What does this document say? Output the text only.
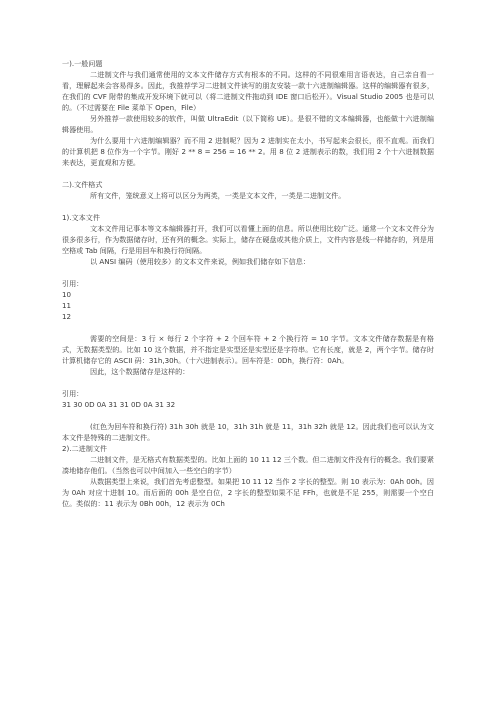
一).一般问题

二进制文件与我们通常使用的文本文件储存方式有根本的不同。这样的不同很难用言语表达，自己亲自看一看，理解起来会容易得多。因此，我推荐学习二进制文件读写的朋友安装一款十六进制编辑器。这样的编辑器有很多，在我们的 CVF 附带的集成开发环境下就可以（将二进制文件拖动到 IDE 窗口后松开）。Visual Studio 2005 也是可以的。（不过需要在 File 菜单下 Open，File）

另外推荐一款使用较多的软件，叫做 UltraEdit（以下简称 UE）。是很不错的文本编辑器，也能做十六进制编辑器使用。

为什么要用十六进制编辑器？而不用 2 进制呢？因为 2 进制实在太小，书写起来会很长，很不直观。而我们的计算机把 8 位作为一个字节。刚好 2 ** 8 = 256 = 16 ** 2。用 8 位 2 进制表示的数，我们用 2 个十六进制数据来表达，更直观和方便。

二).文件格式

所有文件，笼统意义上将可以区分为两类，一类是文本文件，一类是二进制文件。

1).文本文件

文本文件用记事本等文本编辑器打开，我们可以看懂上面的信息。所以使用比较广泛。通常一个文本文件分为很多很多行，作为数据储存时，还有列的概念。实际上，储存在硬盘或其他介质上，文件内容是线一样储存的，列是用空格或 Tab 间隔，行是用回车和换行符间隔。

以 ANSI 编码（使用较多）的文本文件来说，例如我们储存如下信息：

引用：

10

11

12

需要的空间是：3 行 × 每行 2 个字符 + 2 个回车符 + 2 个换行符 = 10 字节。文本文件储存数据是有格式，无数据类型的。比如 10 这个数据，并不指定是实型还是实型还是字符串。它有长度，就是 2，两个字节。储存时计算机储存它的 ASCII 码：31h,30h。（十六进制表示）。回车符是：0Dh，换行符：0Ah。

因此，这个数据储存是这样的：

引用：

31 30 0D 0A 31 31 0D 0A 31 32

(红色为回车符和换行符) 31h 30h 就是 10，31h 31h 就是 11，31h 32h 就是 12。因此我们也可以认为文本文件是特殊的二进制文件。

2).二进制文件

二进制文件，是无格式有数据类型的。比如上面的 10 11 12 三个数。但二进制文件没有行的概念。我们要紧凑地储存他们。（当然也可以中间加入一些空白的字节）

从数据类型上来说，我们首先考虑整型。如果把 10 11 12 当作 2 字长的整型。则 10 表示为：0Ah 00h。因为 0Ah 对应十进制 10。而后面的 00h 是空白位，2 字长的整型如果不足 FFh，也就是不足 255，则需要一个空白位。类似的：11 表示为 0Bh 00h，12 表示为 0Ch
